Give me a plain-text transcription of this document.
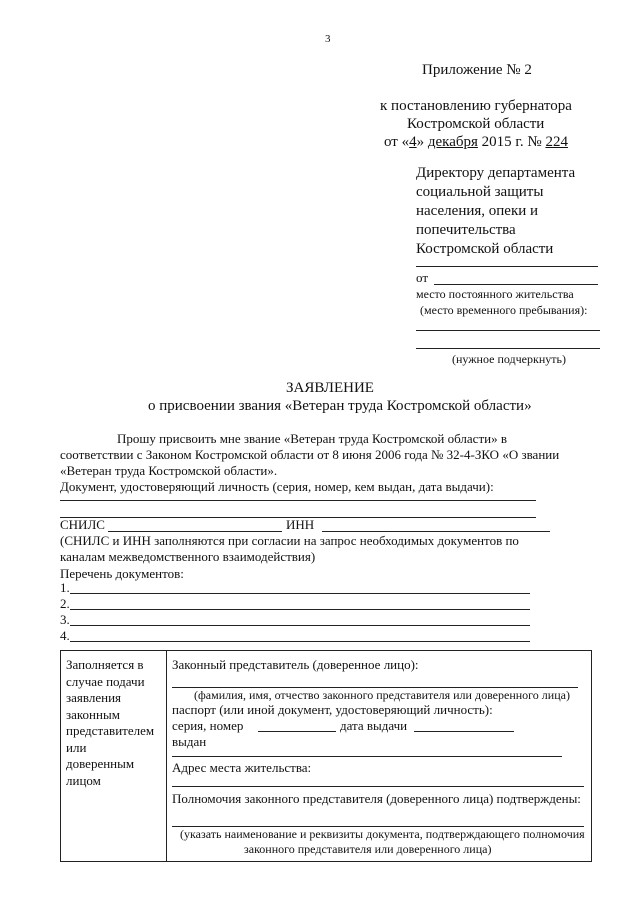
3
Приложение № 2
к постановлению губернатора
Костромской области
от «4» декабря 2015 г. № 224
Директору департамента
социальной защиты
населения, опеки и
попечительства
Костромской области
от
место постоянного жительства
(место временного пребывания):
(нужное подчеркнуть)
ЗАЯВЛЕНИЕ
о присвоении звания «Ветеран труда Костромской области»
Прошу присвоить мне звание «Ветеран труда Костромской области» в
соответствии с Законом Костромской области от 8 июня 2006 года № 32-4-ЗКО «О звании
«Ветеран труда Костромской области».
Документ, удостоверяющий личность (серия, номер, кем выдан, дата выдачи):
СНИЛС	ИНН
(СНИЛС и ИНН заполняются при согласии на запрос необходимых документов по
каналам межведомственного взаимодействия)
Перечень документов:
1.
2.
3.
4.
Заполняется в
случае подачи
заявления
законным
представителем
или
доверенным
лицом
Законный представитель (доверенное лицо):
(фамилия, имя, отчество законного представителя или доверенного лица)
паспорт (или иной документ, удостоверяющий личность):
серия, номер	дата выдачи
выдан
Адрес места жительства:
Полномочия законного представителя (доверенного лица) подтверждены:
(указать наименование и реквизиты документа, подтверждающего полномочия
законного представителя или доверенного лица)
